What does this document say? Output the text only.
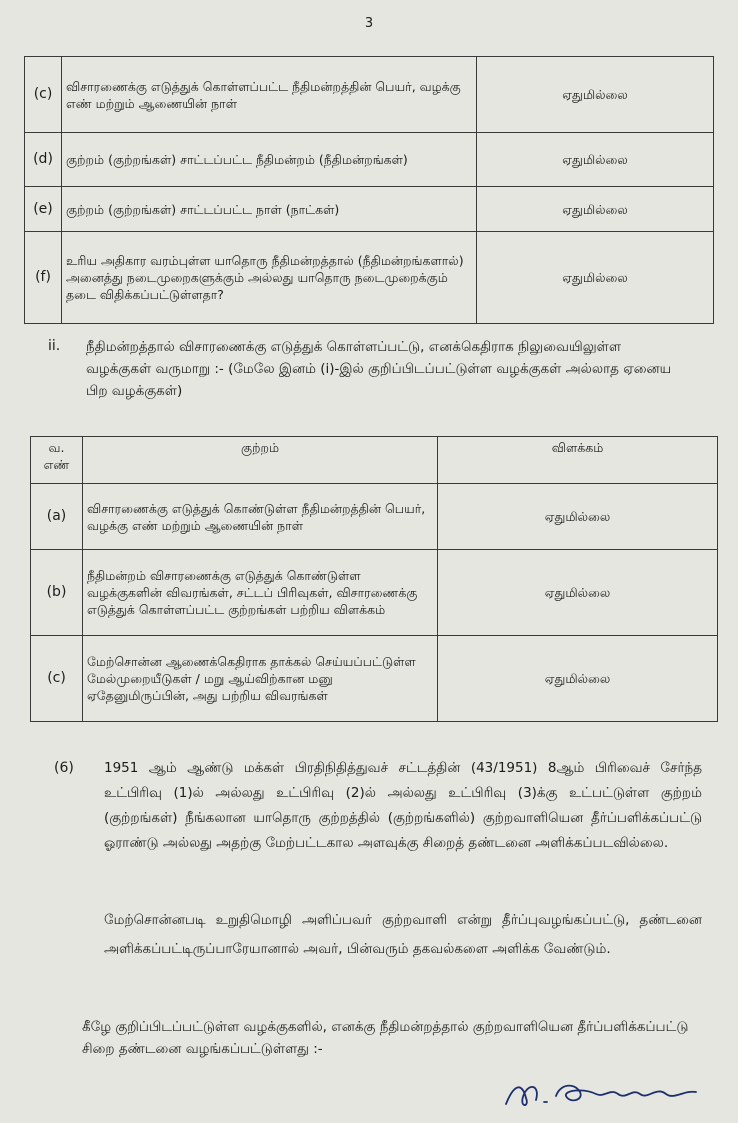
3
(c)	விசாரணைக்கு எடுத்துக் கொள்ளப்பட்ட நீதிமன்றத்தின் பெயர், வழக்கு எண் மற்றும் ஆணையின் நாள்	ஏதுமில்லை
(d)	குற்றம் (குற்றங்கள்) சாட்டப்பட்ட நீதிமன்றம் (நீதிமன்றங்கள்)	ஏதுமில்லை
(e)	குற்றம் (குற்றங்கள்) சாட்டப்பட்ட நாள் (நாட்கள்)	ஏதுமில்லை
(f)	உரிய அதிகார வரம்புள்ள யாதொரு நீதிமன்றத்தால் (நீதிமன்றங்களால்) அனைத்து நடைமுறைகளுக்கும் அல்லது யாதொரு நடைமுறைக்கும் தடை விதிக்கப்பட்டுள்ளதா?	ஏதுமில்லை
ii. நீதிமன்றத்தால் விசாரணைக்கு எடுத்துக் கொள்ளப்பட்டு, எனக்கெதிராக நிலுவையிலுள்ள வழக்குகள் வருமாறு :- (மேலே இனம் (i)-இல் குறிப்பிடப்பட்டுள்ள வழக்குகள் அல்லாத ஏனைய பிற வழக்குகள்)
வ. எண்	குற்றம்	விளக்கம்
(a)	விசாரணைக்கு எடுத்துக் கொண்டுள்ள நீதிமன்றத்தின் பெயர், வழக்கு எண் மற்றும் ஆணையின் நாள்	ஏதுமில்லை
(b)	நீதிமன்றம் விசாரணைக்கு எடுத்துக் கொண்டுள்ள வழக்குகளின் விவரங்கள், சட்டப் பிரிவுகள், விசாரணைக்கு எடுத்துக் கொள்ளப்பட்ட குற்றங்கள் பற்றிய விளக்கம்	ஏதுமில்லை
(c)	மேற்சொன்ன ஆணைக்கெதிராக தாக்கல் செய்யப்பட்டுள்ள மேல்முறையீடுகள் / மறு ஆய்விற்கான மனு ஏதேனுமிருப்பின், அது பற்றிய விவரங்கள்	ஏதுமில்லை
(6) 1951 ஆம் ஆண்டு மக்கள் பிரதிநிதித்துவச் சட்டத்தின் (43/1951) 8ஆம் பிரிவைச் சேர்ந்த உட்பிரிவு (1)ல் அல்லது உட்பிரிவு (2)ல் அல்லது உட்பிரிவு (3)க்கு உட்பட்டுள்ள குற்றம் (குற்றங்கள்) நீங்கலான யாதொரு குற்றத்தில் (குற்றங்களில்) குற்றவாளியென தீர்ப்பளிக்கப்பட்டு ஓராண்டு அல்லது அதற்கு மேற்பட்டகால அளவுக்கு சிறைத் தண்டனை அளிக்கப்படவில்லை.
மேற்சொன்னபடி உறுதிமொழி அளிப்பவர் குற்றவாளி என்று தீர்ப்புவழங்கப்பட்டு, தண்டனை அளிக்கப்பட்டிருப்பாரேயானால் அவர், பின்வரும் தகவல்களை அளிக்க வேண்டும்.
கீழே குறிப்பிடப்பட்டுள்ள வழக்குகளில், எனக்கு நீதிமன்றத்தால் குற்றவாளியென தீர்ப்பளிக்கப்பட்டு சிறை தண்டனை வழங்கப்பட்டுள்ளது :-
